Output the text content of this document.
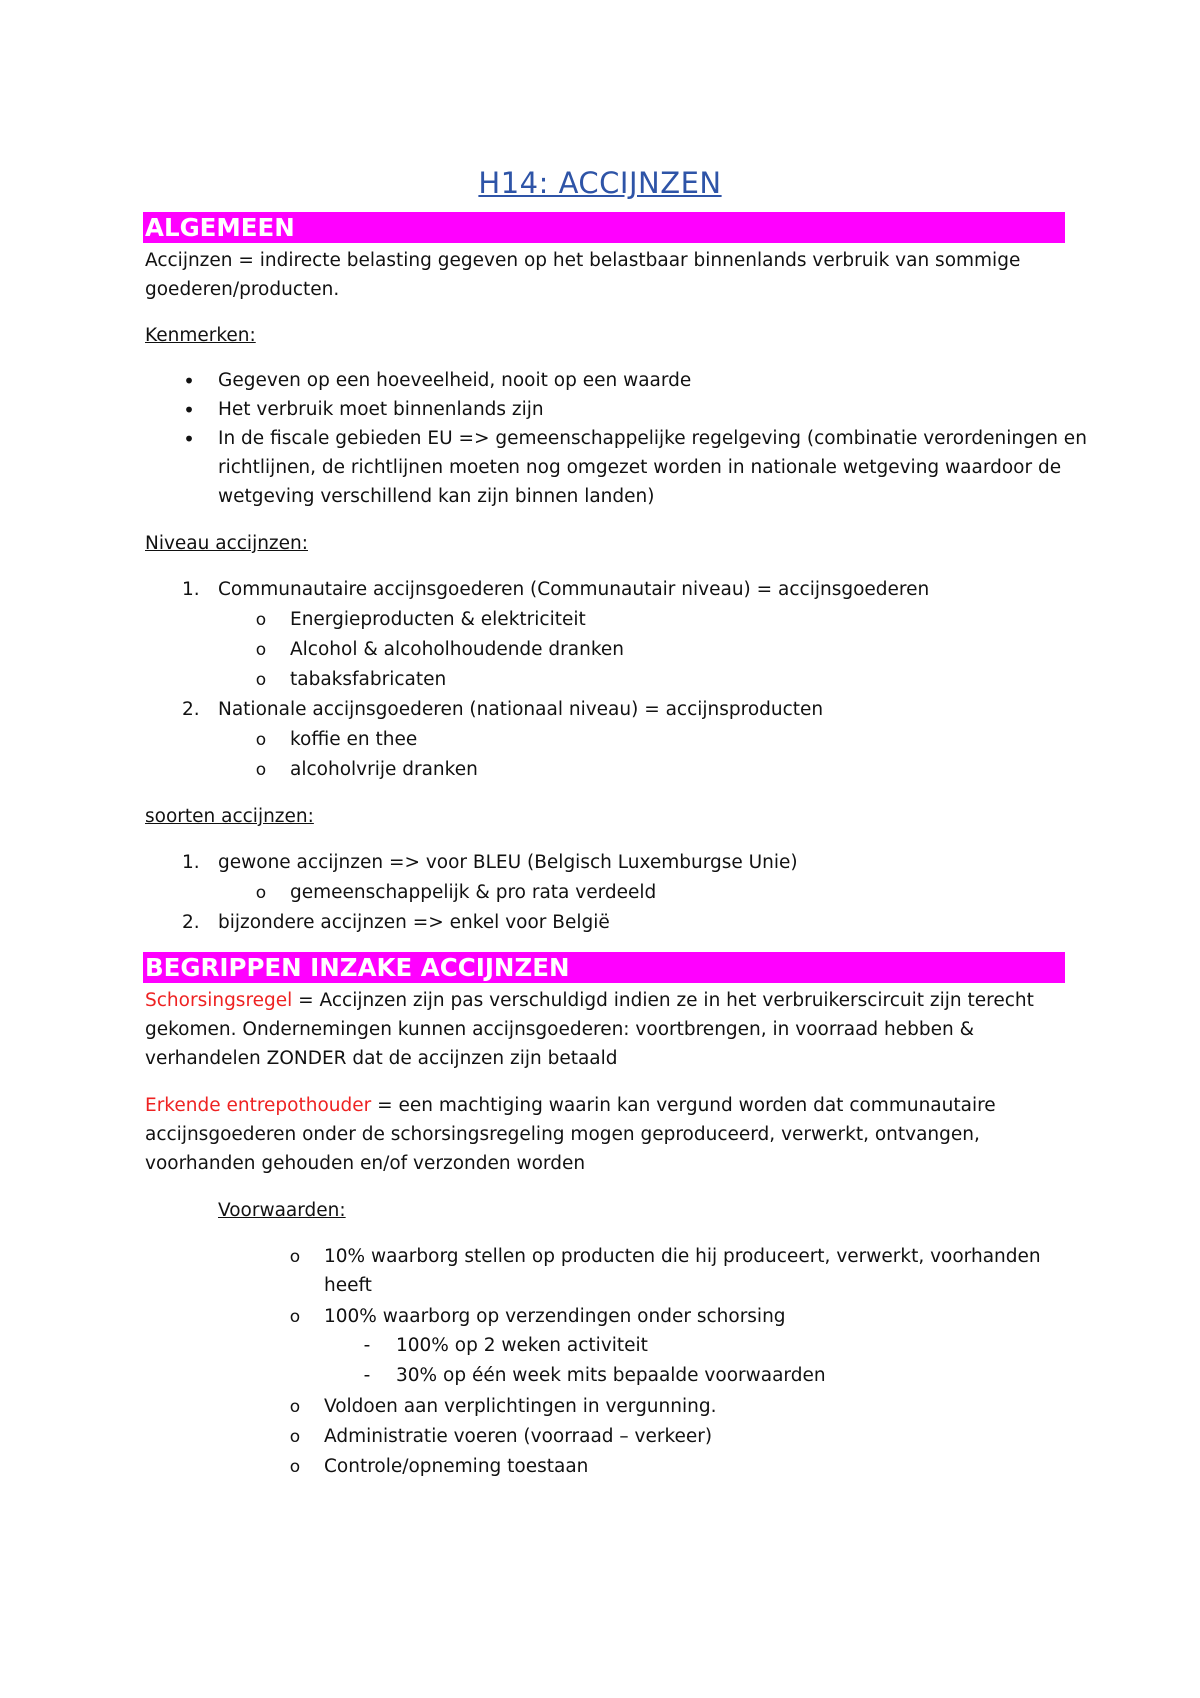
H14: ACCIJNZEN
ALGEMEEN
Accijnzen = indirecte belasting gegeven op het belastbaar binnenlands verbruik van sommige
goederen/producten.
Kenmerken:
• Gegeven op een hoeveelheid, nooit op een waarde
• Het verbruik moet binnenlands zijn
• In de fiscale gebieden EU => gemeenschappelijke regelgeving (combinatie verordeningen en
richtlijnen, de richtlijnen moeten nog omgezet worden in nationale wetgeving waardoor de
wetgeving verschillend kan zijn binnen landen)
Niveau accijnzen:
1. Communautaire accijnsgoederen (Communautair niveau) = accijnsgoederen
o Energieproducten & elektriciteit
o Alcohol & alcoholhoudende dranken
o tabaksfabricaten
2. Nationale accijnsgoederen (nationaal niveau) = accijnsproducten
o koffie en thee
o alcoholvrije dranken
soorten accijnzen:
1. gewone accijnzen => voor BLEU (Belgisch Luxemburgse Unie)
o gemeenschappelijk & pro rata verdeeld
2. bijzondere accijnzen => enkel voor België
BEGRIPPEN INZAKE ACCIJNZEN
Schorsingsregel = Accijnzen zijn pas verschuldigd indien ze in het verbruikerscircuit zijn terecht
gekomen. Ondernemingen kunnen accijnsgoederen: voortbrengen, in voorraad hebben &
verhandelen ZONDER dat de accijnzen zijn betaald
Erkende entrepothouder = een machtiging waarin kan vergund worden dat communautaire
accijnsgoederen onder de schorsingsregeling mogen geproduceerd, verwerkt, ontvangen,
voorhanden gehouden en/of verzonden worden
Voorwaarden:
o 10% waarborg stellen op producten die hij produceert, verwerkt, voorhanden
heeft
o 100% waarborg op verzendingen onder schorsing
- 100% op 2 weken activiteit
- 30% op één week mits bepaalde voorwaarden
o Voldoen aan verplichtingen in vergunning.
o Administratie voeren (voorraad – verkeer)
o Controle/opneming toestaan
